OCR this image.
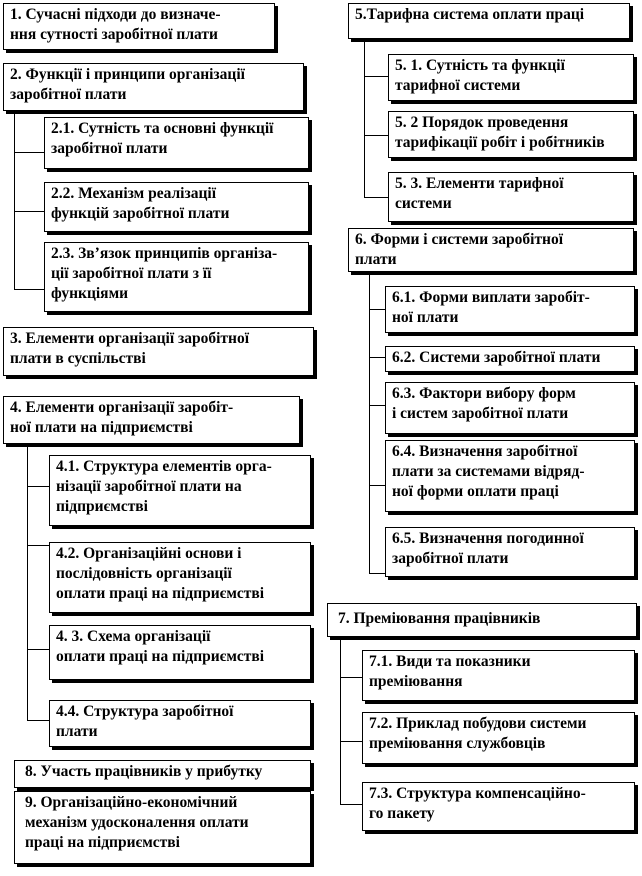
1. Сучасні підходи до визначе-
ння сутності заробітної плати
2. Функції і принципи організації
заробітної плати
2.1. Сутність та основні функції
заробітної плати
2.2. Механізм реалізації
функцій заробітної плати
2.3. Зв’язок принципів організа-
ції заробітної плати з її
функціями
3. Елементи організації заробітної
плати в суспільстві
4. Елементи організації заробіт-
ної плати на підприємстві
4.1. Структура елементів орга-
нізації заробітної плати на
підприємстві
4.2. Організаційні основи і
послідовність організації
оплати праці на підприємстві
4. 3. Схема організації
оплати праці на підприємстві
4.4. Структура заробітної
плати
8. Участь працівників у прибутку
9. Організаційно-економічний
механізм удосконалення оплати
праці на підприємстві
5.Тарифна система оплати праці
5. 1. Сутність та функції
тарифної системи
5. 2 Порядок проведення
тарифікації робіт і робітників
5. 3. Елементи тарифної
системи
6. Форми і системи заробітної
плати
6.1. Форми виплати заробіт-
ної плати
6.2. Системи заробітної плати
6.3. Фактори вибору форм
і систем заробітної плати
6.4. Визначення заробітної
плати за системами відряд-
ної форми оплати праці
6.5. Визначення погодинної
заробітної плати
7. Преміювання працівників
7.1. Види та показники
преміювання
7.2. Приклад побудови системи
преміювання службовців
7.3. Структура компенсаційно-
го пакету
